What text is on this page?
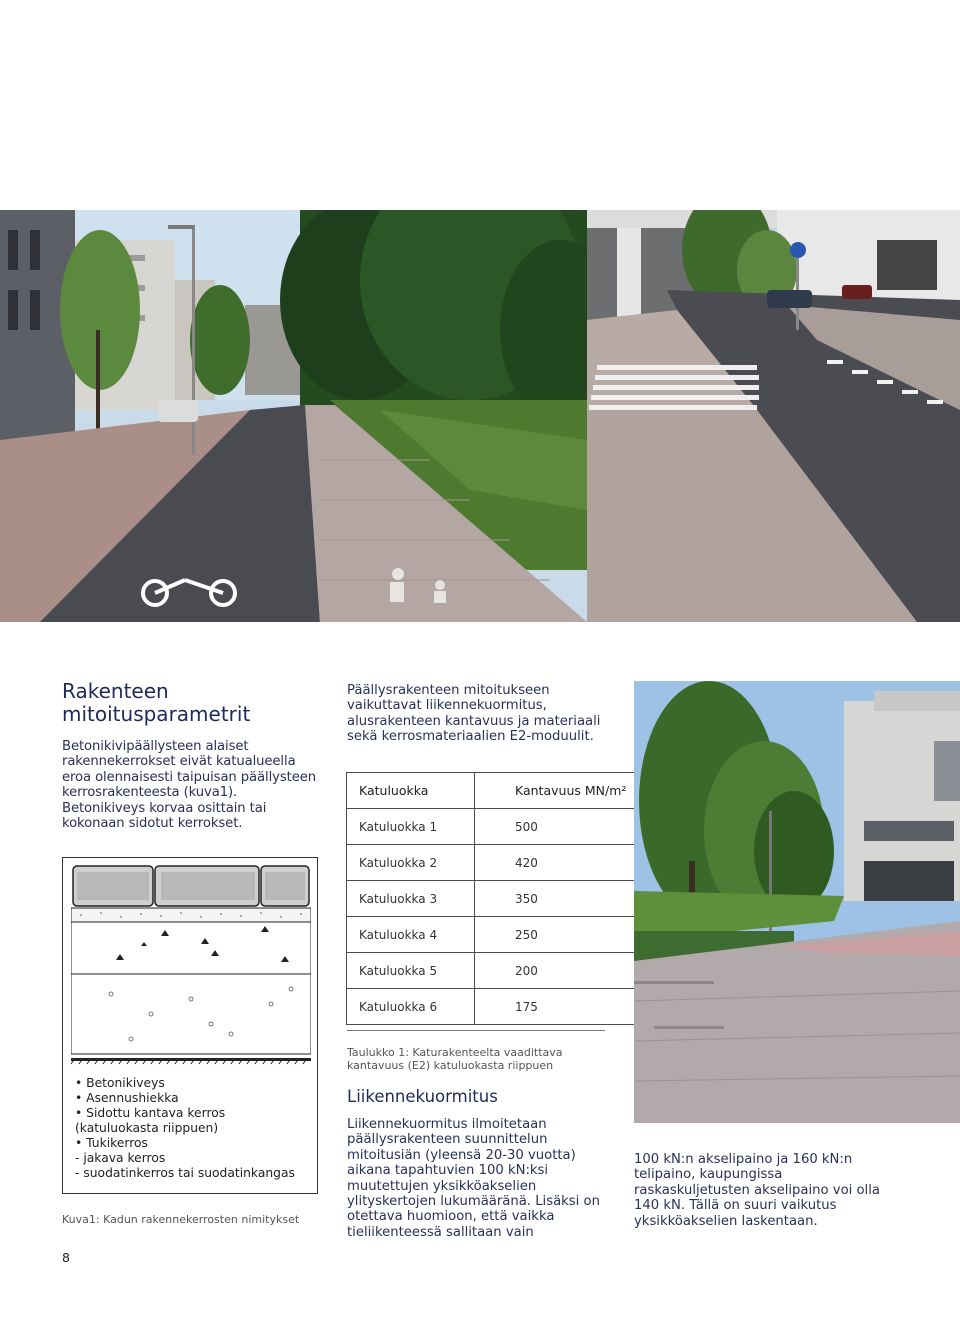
Rakenteen mitoitusparametrit

Betonikivipäällysteen alaiset rakennekerrokset eivät katualueella eroa olennaisesti taipuisan päällysteen kerrosrakenteesta (kuva1). Betonikiveys korvaa osittain tai kokonaan sidotut kerrokset.

Päällysrakenteen mitoitukseen vaikuttavat liikennekuormitus, alusrakenteen kantavuus ja materiaali sekä kerrosmateriaalien E2-moduulit.

Katuluokka	Kantavuus MN/m²
Katuluokka 1	500
Katuluokka 2	420
Katuluokka 3	350
Katuluokka 4	250
Katuluokka 5	200
Katuluokka 6	175

Taulukko 1: Katurakenteelta vaadittava kantavuus (E2) katuluokasta riippuen

Liikennekuormitus

Liikennekuormitus ilmoitetaan päällysrakenteen suunnittelun mitoitusiän (yleensä 20-30 vuotta) aikana tapahtuvien 100 kN:ksi muutettujen yksikköakselien ylityskertojen lukumääränä. Lisäksi on otettava huomioon, että vaikka tieliikenteessä sallitaan vain

• Betonikiveys
• Asennushiekka
• Sidottu kantava kerros
(katuluokasta riippuen)
• Tukikerros
- jakava kerros
- suodatinkerros tai suodatinkangas
Kuva1: Kadun rakennekerrosten nimitykset

100 kN:n akselipaino ja 160 kN:n telipaino, kaupungissa raskaskuljetusten akselipaino voi olla 140 kN. Tällä on suuri vaikutus yksikköakselien laskentaan.

8
